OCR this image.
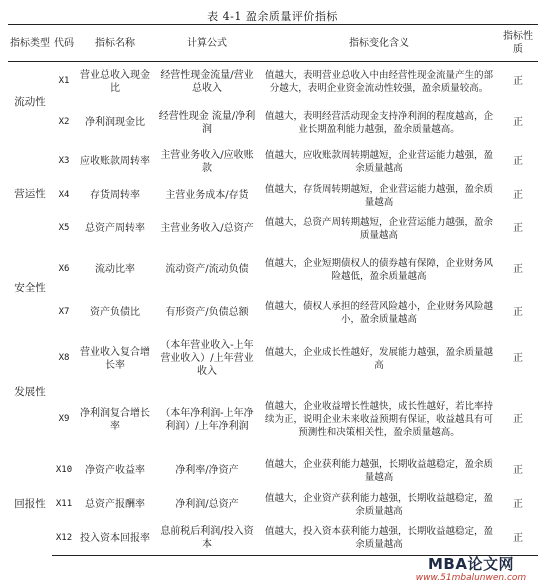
表 4-1 盈余质量评价指标
指标类型	代码	指标名称	计算公式	指标变化含义	指标性质
流动性	X1	营业总收入现金比	经营性现金流量/营业总收入	值越大，表明营业总收入中由经营性现金流量产生的部分越大，表明企业资金流动性较强，盈余质量较高。	正
	X2	净利润现金比	经营性现金 流量/净利润	值越大，表明经营活动现金支持净利润的程度越高，企业长期盈利能力越强，盈余质量越高。	正
营运性	X3	应收账款周转率	主营业务收入/应收账款	值越大，应收账款周转期越短，企业营运能力越强，盈余质量越高	正
	X4	存货周转率	主营业务成本/存货	值越大，存货周转期越短，企业营运能力越强，盈余质量越高	正
	X5	总资产周转率	主营业务收入/总资产	值越大，总资产周转期越短，企业营运能力越强，盈余质量越高	正
安全性	X6	流动比率	流动资产/流动负债	值越大，企业短期债权人的债券越有保障，企业财务风险越低，盈余质量越高	正
	X7	资产负债比	有形资产/负债总额	值越大，债权人承担的经营风险越小，企业财务风险越小，盈余质量越高	正
发展性	X8	营业收入复合增长率	（本年营业收入-上年营业收入）/上年营业收入	值越大，企业成长性越好，发展能力越强，盈余质量越高	正
	X9	净利润复合增长率	（本年净利润-上年净利润）/上年净利润	值越大，企业收益增长性越快，成长性越好，若比率持续为正，说明企业未来收益预期有保证，收益越具有可预测性和决策相关性，盈余质量越高。	正
回报性	X10	净资产收益率	净利率/净资产	值越大，企业获利能力越强，长期收益越稳定，盈余质量越高	正
	X11	总资产报酬率	净利润/总资产	值越大，企业资产获利能力越强，长期收益越稳定，盈余质量越高	正
	X12	投入资本回报率	息前税后利润/投入资本	值越大，投入资本获利能力越强，长期收益越稳定，盈余质量越高	正
MBA论文网
www.51mbalunwen.com
